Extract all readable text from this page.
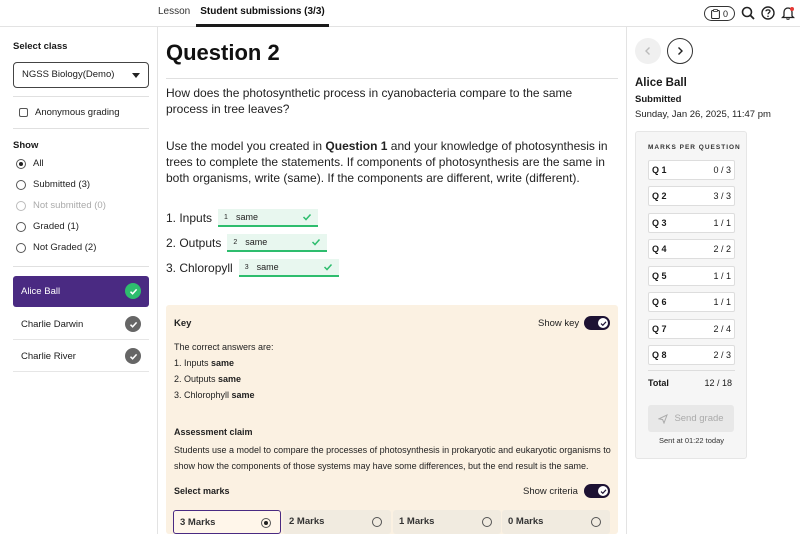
Lesson	Student submissions (3/3)	0
Select class
NGSS Biology(Demo)
Anonymous grading
Show
All
Submitted (3)
Not submitted (0)
Graded (1)
Not Graded (2)
Alice Ball
Charlie Darwin
Charlie River
Question 2
How does the photosynthetic process in cyanobacteria compare to the same process in tree leaves?
Use the model you created in Question 1 and your knowledge of photosynthesis in trees to complete the statements. If components of photosynthesis are the same in both organisms, write (same). If the components are different, write (different).
1. Inputs 1 same
2. Outputs 2 same
3. Chloropyll 3 same
Key	Show key
The correct answers are:
1. Inputs same
2. Outputs same
3. Chlorophyll same
Assessment claim
Students use a model to compare the processes of photosynthesis in prokaryotic and eukaryotic organisms to show how the components of those systems may have some differences, but the end result is the same.
Select marks	Show criteria
3 Marks	2 Marks	1 Marks	0 Marks
Alice Ball
Submitted
Sunday, Jan 26, 2025, 11:47 pm
MARKS PER QUESTION
Q 1	0 / 3
Q 2	3 / 3
Q 3	1 / 1
Q 4	2 / 2
Q 5	1 / 1
Q 6	1 / 1
Q 7	2 / 4
Q 8	2 / 3
Total	12 / 18
Send grade
Sent at 01:22 today
